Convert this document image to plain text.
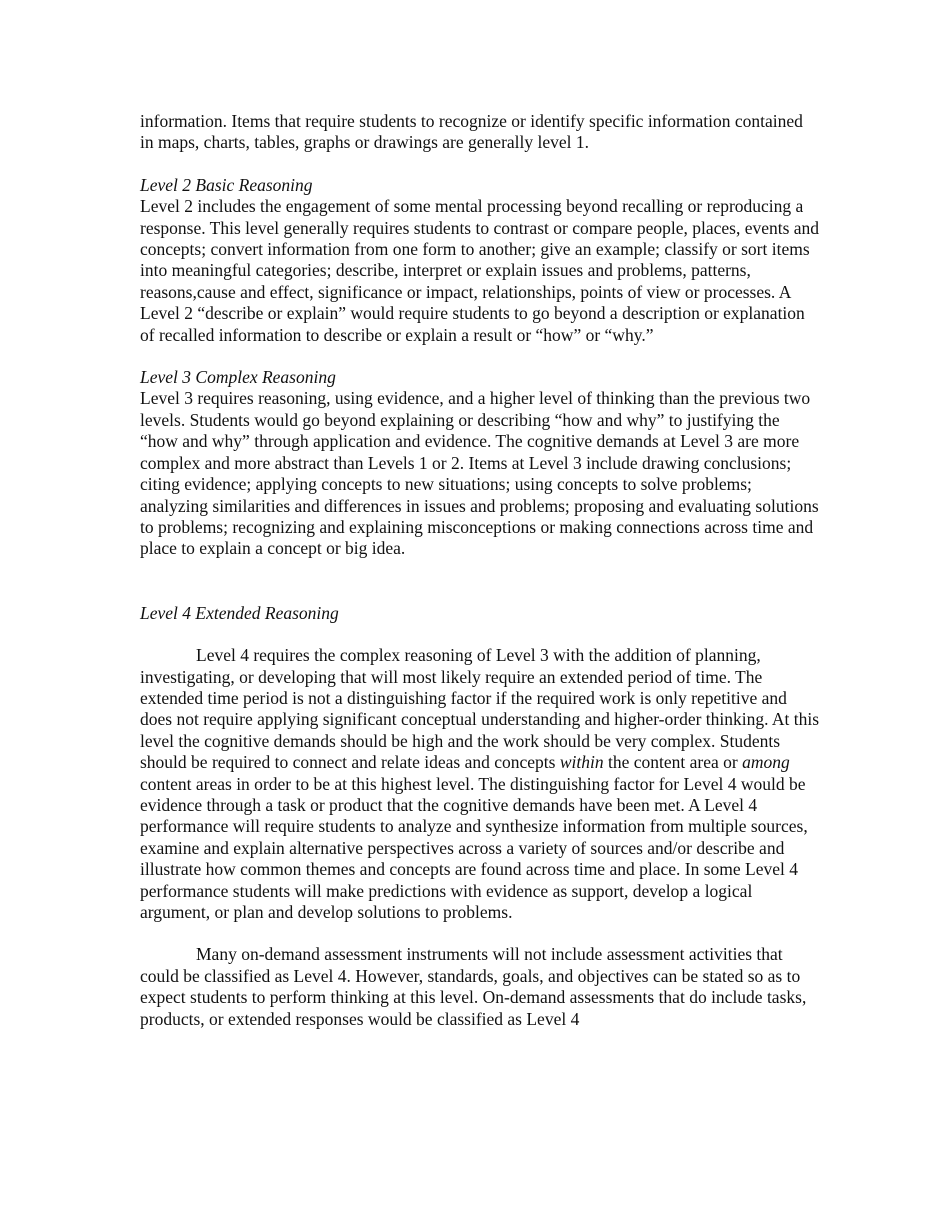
information. Items that require students to recognize or identify specific information contained in maps, charts, tables, graphs or drawings are generally level 1.

Level 2 Basic Reasoning

Level 2 includes the engagement of some mental processing beyond recalling or reproducing a response. This level generally requires students to contrast or compare people, places, events and concepts; convert information from one form to another; give an example; classify or sort items into meaningful categories; describe, interpret or explain issues and problems, patterns, reasons,cause and effect, significance or impact, relationships, points of view or processes. A Level 2 “describe or explain” would require students to go beyond a description or explanation of recalled information to describe or explain a result or “how” or “why.”

Level 3 Complex Reasoning

Level 3 requires reasoning, using evidence, and a higher level of thinking than the previous two levels. Students would go beyond explaining or describing “how and why” to justifying the “how and why” through application and evidence. The cognitive demands at Level 3 are more complex and more abstract than Levels 1 or 2. Items at Level 3 include drawing conclusions; citing evidence; applying concepts to new situations; using concepts to solve problems; analyzing similarities and differences in issues and problems; proposing and evaluating solutions to problems; recognizing and explaining misconceptions or making connections across time and place to explain a concept or big idea.

Level 4 Extended Reasoning

Level 4 requires the complex reasoning of Level 3 with the addition of planning, investigating, or developing that will most likely require an extended period of time. The extended time period is not a distinguishing factor if the required work is only repetitive and does not require applying significant conceptual understanding and higher-order thinking. At this level the cognitive demands should be high and the work should be very complex. Students should be required to connect and relate ideas and concepts within the content area or among content areas in order to be at this highest level. The distinguishing factor for Level 4 would be evidence through a task or product that the cognitive demands have been met. A Level 4 performance will require students to analyze and synthesize information from multiple sources, examine and explain alternative perspectives across a variety of sources and/or describe and illustrate how common themes and concepts are found across time and place. In some Level 4 performance students will make predictions with evidence as support, develop a logical argument, or plan and develop solutions to problems.

Many on-demand assessment instruments will not include assessment activities that could be classified as Level 4. However, standards, goals, and objectives can be stated so as to expect students to perform thinking at this level. On-demand assessments that do include tasks, products, or extended responses would be classified as Level 4
